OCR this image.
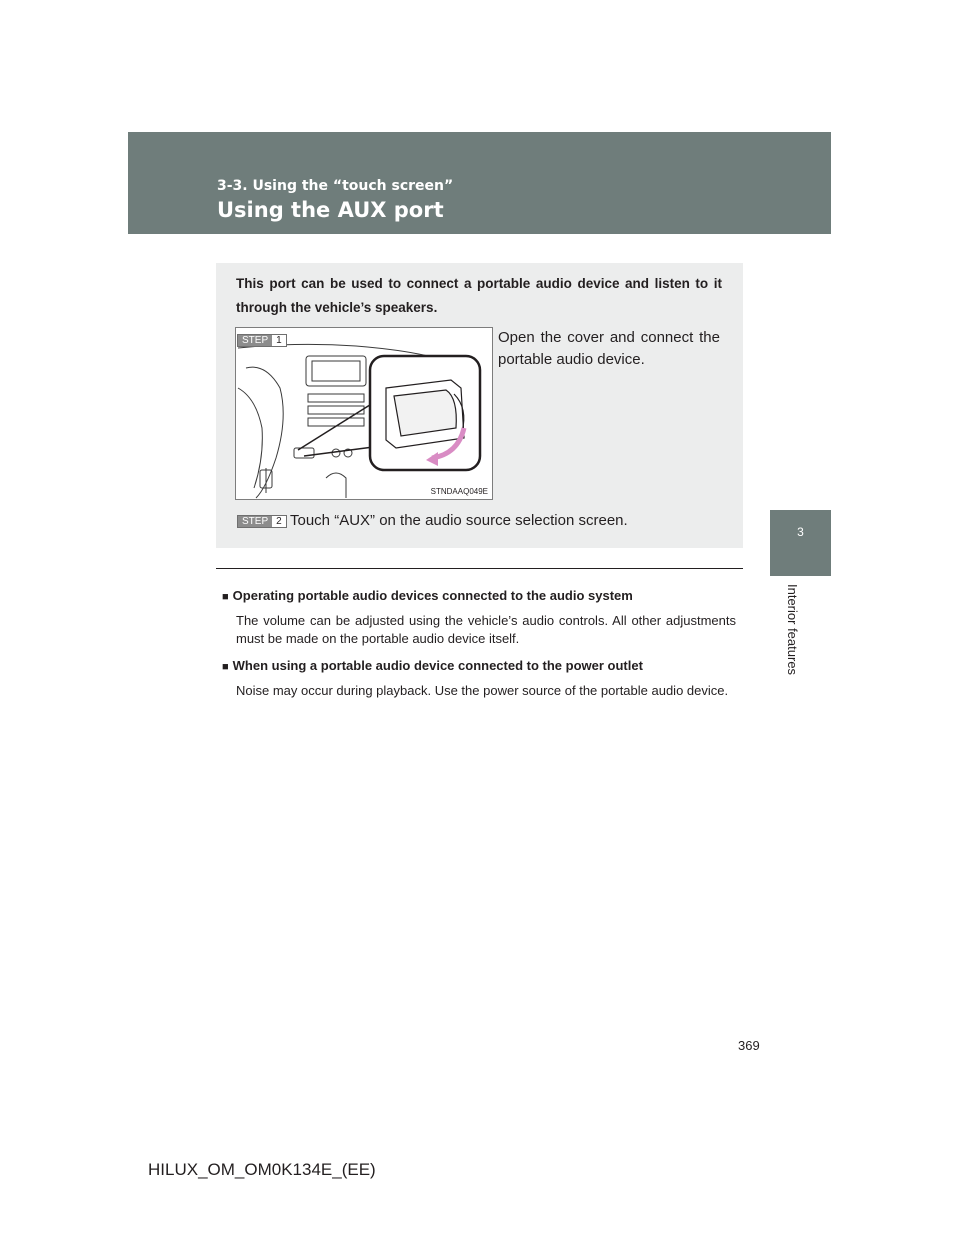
3-3. Using the “touch screen”
Using the AUX port
3
Interior features
This port can be used to connect a portable audio device and listen to it through the vehicle’s speakers.
STNDAAQ049E
STEP 1	Open the cover and connect the portable audio device.
STEP 2 Touch “AUX” on the audio source selection screen.
■ Operating portable audio devices connected to the audio system
The volume can be adjusted using the vehicle’s audio controls. All other adjustments must be made on the portable audio device itself.
■ When using a portable audio device connected to the power outlet
Noise may occur during playback. Use the power source of the portable audio device.
369
HILUX_OM_OM0K134E_(EE)
